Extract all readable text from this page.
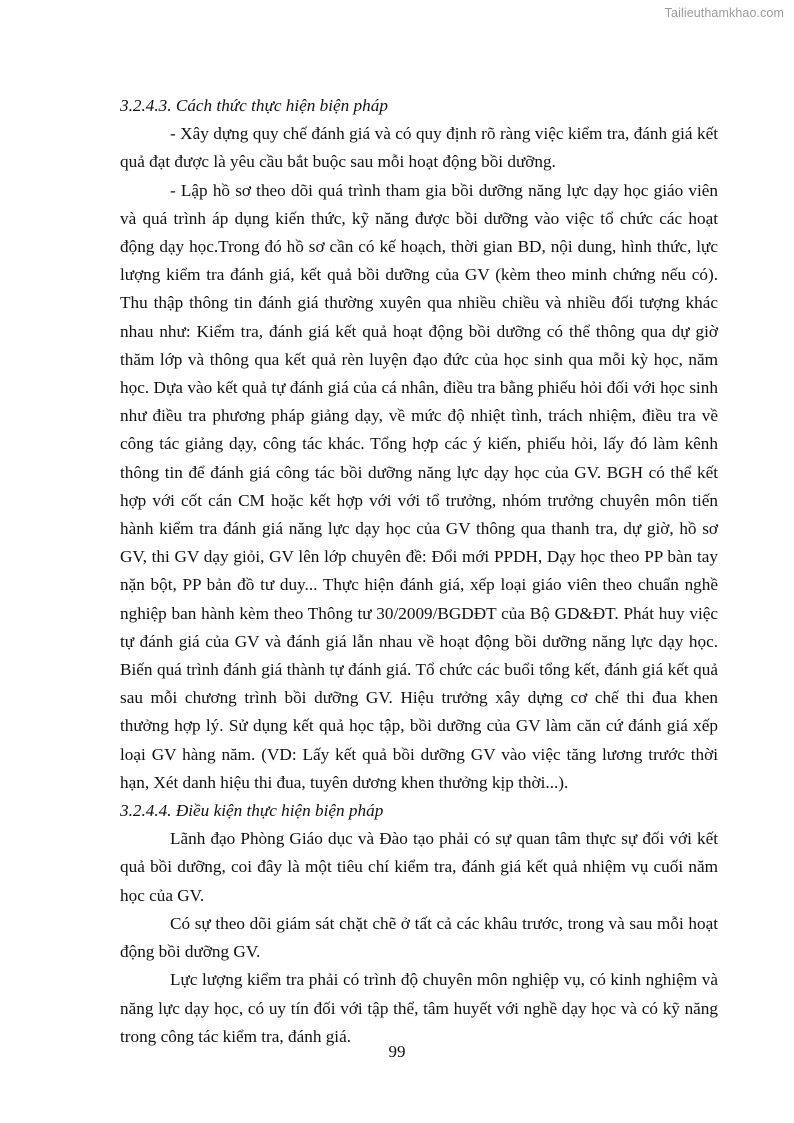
Tailieuthamkhao.com

3.2.4.3. Cách thức thực hiện biện pháp

- Xây dựng quy chế đánh giá và có quy định rõ ràng việc kiểm tra, đánh giá kết quả đạt được là yêu cầu bắt buộc sau mỗi hoạt động bồi dưỡng.

- Lập hồ sơ theo dõi quá trình tham gia bồi dưỡng năng lực dạy học giáo viên và quá trình áp dụng kiến thức, kỹ năng được bồi dưỡng vào việc tổ chức các hoạt động dạy học.Trong đó hồ sơ cần có kế hoạch, thời gian BD, nội dung, hình thức, lực lượng kiểm tra đánh giá, kết quả bồi dưỡng của GV (kèm theo minh chứng nếu có). Thu thập thông tin đánh giá thường xuyên qua nhiều chiều và nhiều đối tượng khác nhau như: Kiểm tra, đánh giá kết quả hoạt động bồi dưỡng có thể thông qua dự giờ thăm lớp và thông qua kết quả rèn luyện đạo đức của học sinh qua mỗi kỳ học, năm học. Dựa vào kết quả tự đánh giá của cá nhân, điều tra bằng phiếu hỏi đối với học sinh như điều tra phương pháp giảng dạy, về mức độ nhiệt tình, trách nhiệm, điều tra về công tác giảng dạy, công tác khác. Tổng hợp các ý kiến, phiếu hỏi, lấy đó làm kênh thông tin để đánh giá công tác bồi dưỡng năng lực dạy học của GV. BGH có thể kết hợp với cốt cán CM hoặc kết hợp với với tổ trưởng, nhóm trưởng chuyên môn tiến hành kiểm tra đánh giá năng lực dạy học của GV thông qua thanh tra, dự giờ, hồ sơ GV, thi GV dạy giỏi, GV lên lớp chuyên đề: Đổi mới PPDH, Dạy học theo PP bàn tay nặn bột, PP bản đồ tư duy... Thực hiện đánh giá, xếp loại giáo viên theo chuẩn nghề nghiệp ban hành kèm theo Thông tư 30/2009/BGDĐT của Bộ GD&ĐT. Phát huy việc tự đánh giá của GV và đánh giá lẫn nhau về hoạt động bồi dưỡng năng lực dạy học. Biến quá trình đánh giá thành tự đánh giá. Tổ chức các buổi tổng kết, đánh giá kết quả sau mỗi chương trình bồi dưỡng GV. Hiệu trưởng xây dựng cơ chế thi đua khen thưởng hợp lý. Sử dụng kết quả học tập, bồi dưỡng của GV làm căn cứ đánh giá xếp loại GV hàng năm. (VD: Lấy kết quả bồi dưỡng GV vào việc tăng lương trước thời hạn, Xét danh hiệu thi đua, tuyên dương khen thưởng kịp thời...).

3.2.4.4. Điều kiện thực hiện biện pháp

Lãnh đạo Phòng Giáo dục và Đào tạo phải có sự quan tâm thực sự đối với kết quả bồi dưỡng, coi đây là một tiêu chí kiểm tra, đánh giá kết quả nhiệm vụ cuối năm học của GV.

Có sự theo dõi giám sát chặt chẽ ở tất cả các khâu trước, trong và sau mỗi hoạt động bồi dưỡng GV.

Lực lượng kiểm tra phải có trình độ chuyên môn nghiệp vụ, có kinh nghiệm và năng lực dạy học, có uy tín đối với tập thể, tâm huyết với nghề dạy học và có kỹ năng trong công tác kiểm tra, đánh giá.

99
